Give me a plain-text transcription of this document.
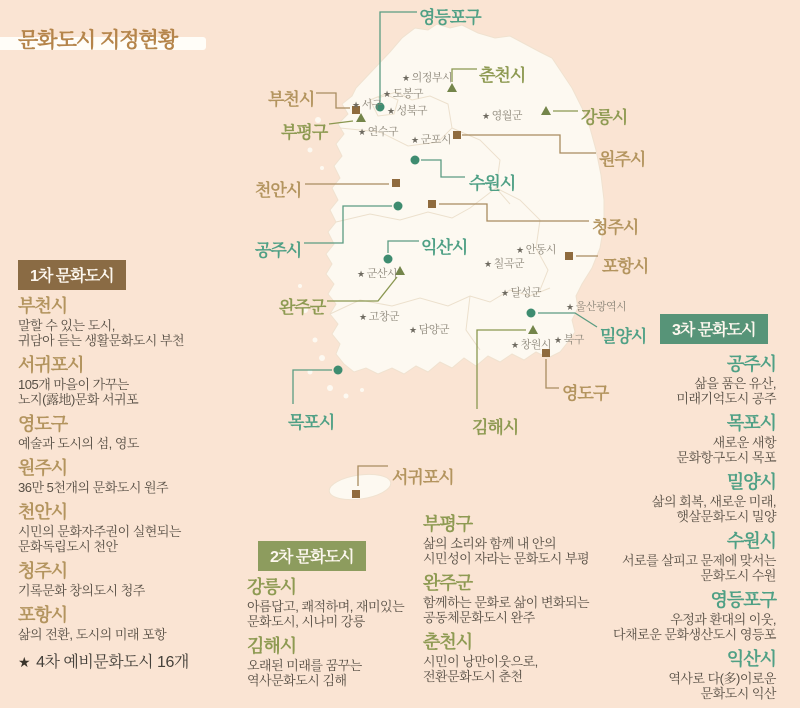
문화도시 지정현황
1차 문화도시
2차 문화도시
3차 문화도시
부천시
말할 수 있는 도시,
귀담아 듣는 생활문화도시 부천
서귀포시
105개 마을이 가꾸는
노지(露地)문화 서귀포
영도구
예술과 도시의 섬, 영도
원주시
36만 5천개의 문화도시 원주
천안시
시민의 문화자주권이 실현되는
문화독립도시 천안
청주시
기록문화 창의도시 청주
포항시
삶의 전환, 도시의 미래 포항
강릉시
아름답고, 쾌적하며, 재미있는
문화도시, 시나미 강릉
김해시
오래된 미래를 꿈꾸는
역사문화도시 김해
부평구
삶의 소리와 함께 내 안의
시민성이 자라는 문화도시 부평
완주군
함께하는 문화로 삶이 변화되는
공동체문화도시 완주
춘천시
시민이 낭만이웃으로,
전환문화도시 춘천
공주시
삶을 품은 유산,
미래기억도시 공주
목포시
새로운 새항
문화항구도시 목포
밀양시
삶의 회복, 새로운 미래,
햇살문화도시 밀양
수원시
서로를 살피고 문제에 맞서는
문화도시 수원
영등포구
우정과 환대의 이웃,
다채로운 문화생산도시 영등포
익산시
역사로 다(多)이로운
문화도시 익산
★ 4차 예비문화도시 16개
영등포구
부천시
부평구
춘천시
강릉시
원주시
수원시
천안시
청주시
포항시
공주시	익산시
완주군
목포시
밀양시
영도구
김해시
서귀포시
★ 의정부시
★ 도봉구
★ 서구 ★ 성북구
★ 연수구
★ 영월군
★ 군포시
★ 안동시
★ 칠곡군
★ 달성군
★ 울산광역시
★ 북구
★ 창원시
★ 고창군
★ 담양군
★ 군산시
